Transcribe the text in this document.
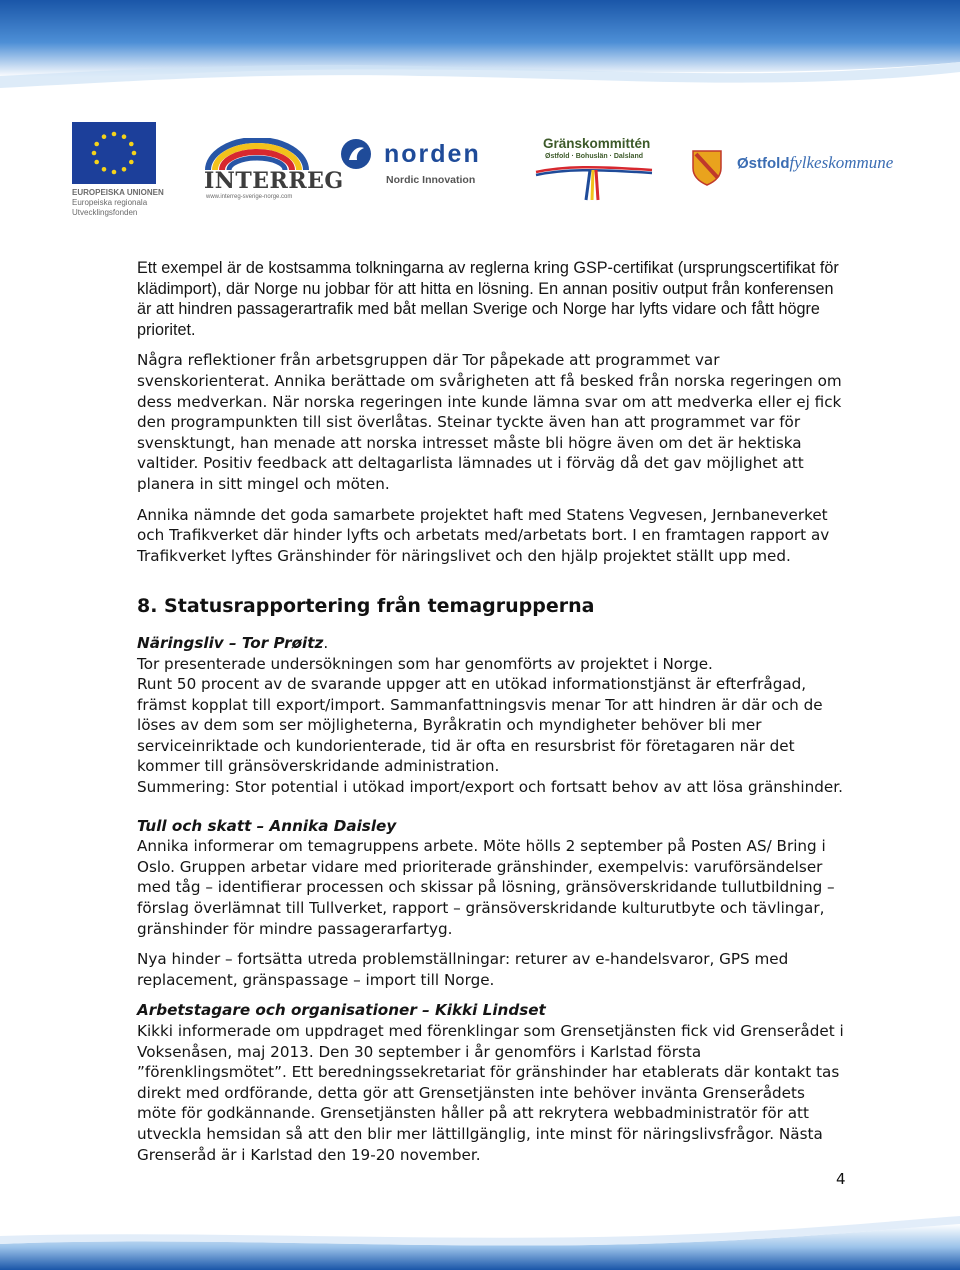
EUROPEISKA UNIONEN
Europeiska regionala
Utvecklingsfonden
INTERREG
www.interreg-sverige-norge.com
norden
Nordic Innovation
Gränskommittén
Østfold · Bohuslän · Dalsland	Østfoldfylkeskommune

Ett exempel är de kostsamma tolkningarna av reglerna kring GSP-certifikat (ursprungscertifikat för klädimport), där Norge nu jobbar för att hitta en lösning. En annan positiv output från konferensen är att hindren passagerartrafik med båt mellan Sverige och Norge har lyfts vidare och fått högre prioritet.

Några reflektioner från arbetsgruppen där Tor påpekade att programmet var svenskorienterat. Annika berättade om svårigheten att få besked från norska regeringen om dess medverkan. När norska regeringen inte kunde lämna svar om att medverka eller ej fick den programpunkten till sist överlåtas. Steinar tyckte även han att programmet var för svensktungt, han menade att norska intresset måste bli högre även om det är hektiska valtider. Positiv feedback att deltagarlista lämnades ut i förväg då det gav möjlighet att planera in sitt mingel och möten.

Annika nämnde det goda samarbete projektet haft med Statens Vegvesen, Jernbaneverket och Trafikverket där hinder lyfts och arbetats med/arbetats bort. I en framtagen rapport av Trafikverket lyftes Gränshinder för näringslivet och den hjälp projektet ställt upp med.

8. Statusrapportering från temagrupperna
Näringsliv – Tor Prøitz.

Tor presenterade undersökningen som har genomförts av projektet i Norge.

Runt 50 procent av de svarande uppger att en utökad informationstjänst är efterfrågad, främst kopplat till export/import. Sammanfattningsvis menar Tor att hindren är där och de löses av dem som ser möjligheterna, Byråkratin och myndigheter behöver bli mer serviceinriktade och kundorienterade, tid är ofta en resursbrist för företagaren när det kommer till gränsöverskridande administration.

Summering: Stor potential i utökad import/export och fortsatt behov av att lösa gränshinder.

Tull och skatt – Annika Daisley

Annika informerar om temagruppens arbete. Möte hölls 2 september på Posten AS/ Bring i Oslo. Gruppen arbetar vidare med prioriterade gränshinder, exempelvis: varuförsändelser med tåg – identifierar processen och skissar på lösning, gränsöverskridande tullutbildning – förslag överlämnat till Tullverket, rapport – gränsöverskridande kulturutbyte och tävlingar, gränshinder för mindre passagerarfartyg.

Nya hinder – fortsätta utreda problemställningar: returer av e-handelsvaror, GPS med replacement, gränspassage – import till Norge.

Arbetstagare och organisationer – Kikki Lindset

Kikki informerade om uppdraget med förenklingar som Grensetjänsten fick vid Grenserådet i Voksenåsen, maj 2013. Den 30 september i år genomförs i Karlstad första ”förenklingsmötet”. Ett beredningssekretariat för gränshinder har etablerats där kontakt tas direkt med ordförande, detta gör att Grensetjänsten inte behöver invänta Grenserådets möte för godkännande. Grensetjänsten håller på att rekrytera webbadministratör för att utveckla hemsidan så att den blir mer lättillgänglig, inte minst för näringslivsfrågor. Nästa Grenseråd är i Karlstad den 19-20 november.

4
